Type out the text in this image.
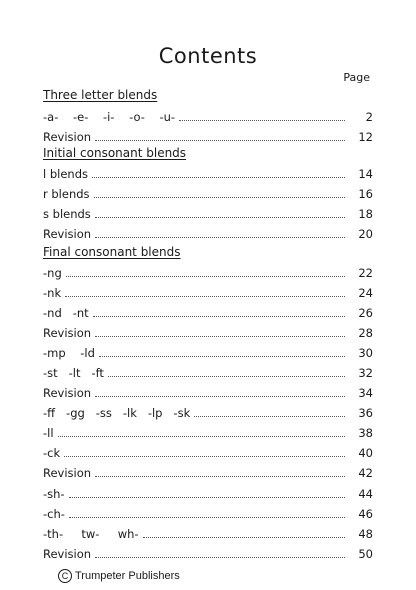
Contents
Page
Three letter blends
-a-    -e-    -i-    -o-    -u-	2
Revision	12
Initial consonant blends
l blends	14
r blends	16
s blends	18
Revision	20
Final consonant blends
-ng	22
-nk	24
-nd   -nt	26
Revision	28
-mp    -ld	30
-st   -lt   -ft	32
Revision	34
-ff   -gg   -ss   -lk   -lp   -sk	36
-ll	38
-ck	40
Revision	42
-sh-	44
-ch-	46
-th-     tw-     wh-	48
Revision	50
C Trumpeter Publishers
